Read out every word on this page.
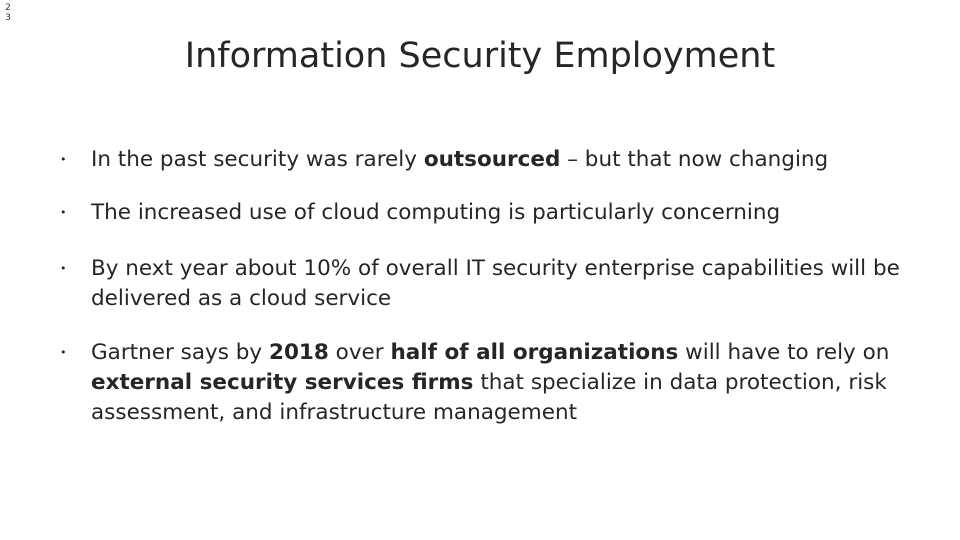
2
3
Information Security Employment
• In the past security was rarely outsourced – but that now changing
• The increased use of cloud computing is particularly concerning
• By next year about 10% of overall IT security enterprise capabilities will be delivered as a cloud service
• Gartner says by 2018 over half of all organizations will have to rely on external security services firms that specialize in data protection, risk assessment, and infrastructure management
